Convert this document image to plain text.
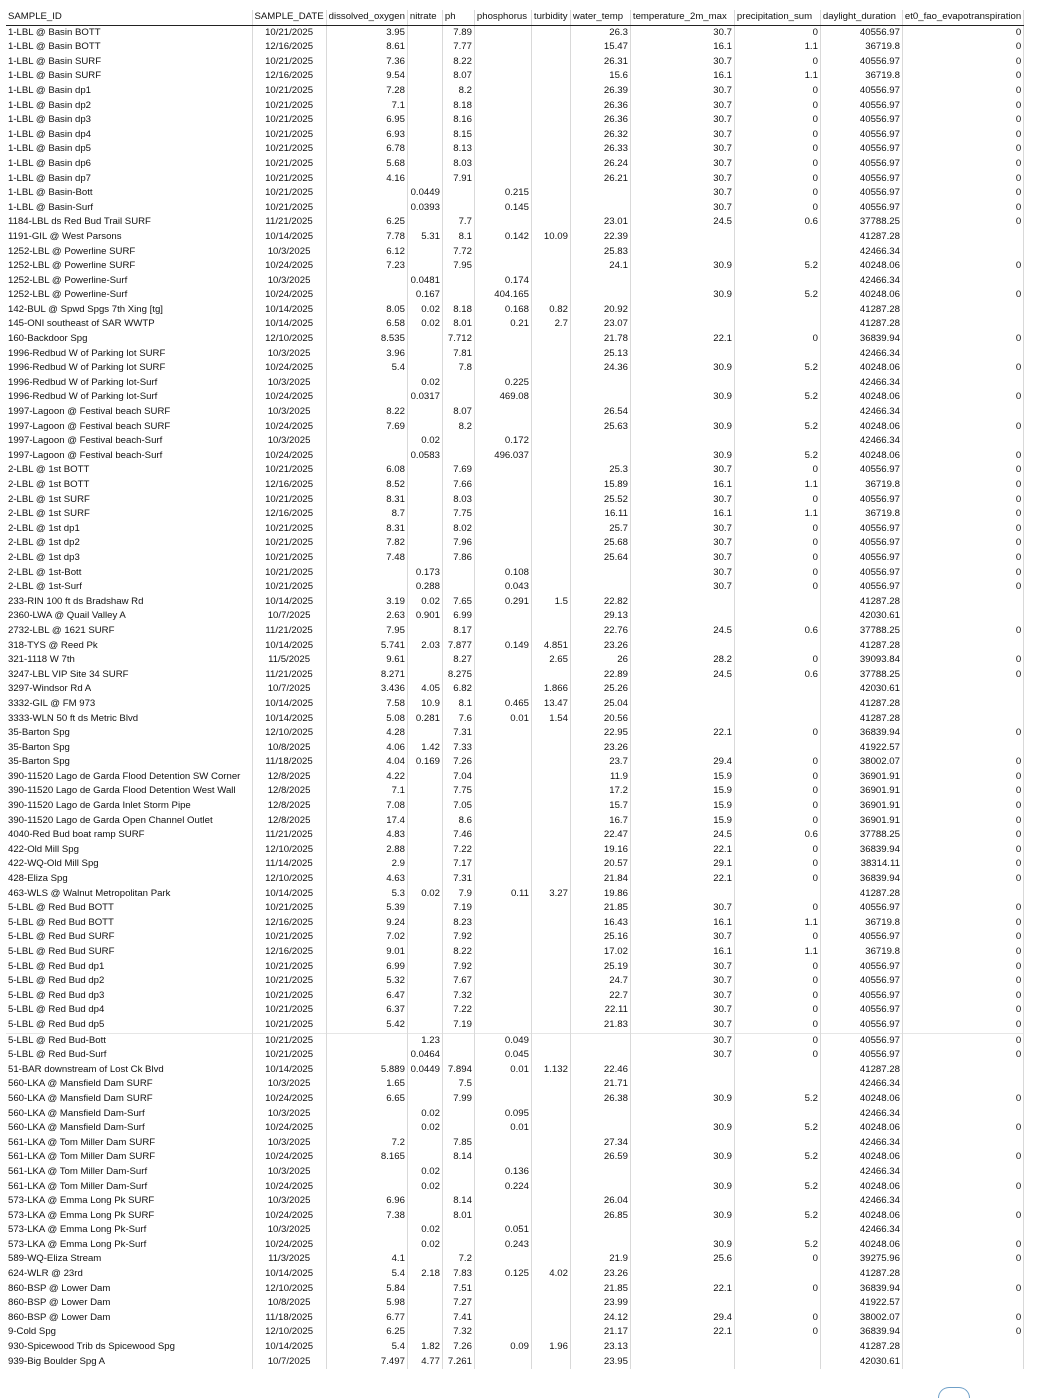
SAMPLE_ID	SAMPLE_DATE	dissolved_oxygen	nitrate	ph	phosphorus	turbidity	water_temp	temperature_2m_max	precipitation_sum	daylight_duration	et0_fao_evapotranspiration
1-LBL @ Basin BOTT	10/21/2025	3.95		7.89			26.3	30.7	0	40556.97	0
1-LBL @ Basin BOTT	12/16/2025	8.61		7.77			15.47	16.1	1.1	36719.8	0
1-LBL @ Basin SURF	10/21/2025	7.36		8.22			26.31	30.7	0	40556.97	0
1-LBL @ Basin SURF	12/16/2025	9.54		8.07			15.6	16.1	1.1	36719.8	0
1-LBL @ Basin dp1	10/21/2025	7.28		8.2			26.39	30.7	0	40556.97	0
1-LBL @ Basin dp2	10/21/2025	7.1		8.18			26.36	30.7	0	40556.97	0
1-LBL @ Basin dp3	10/21/2025	6.95		8.16			26.36	30.7	0	40556.97	0
1-LBL @ Basin dp4	10/21/2025	6.93		8.15			26.32	30.7	0	40556.97	0
1-LBL @ Basin dp5	10/21/2025	6.78		8.13			26.33	30.7	0	40556.97	0
1-LBL @ Basin dp6	10/21/2025	5.68		8.03			26.24	30.7	0	40556.97	0
1-LBL @ Basin dp7	10/21/2025	4.16		7.91			26.21	30.7	0	40556.97	0
1-LBL @ Basin-Bott	10/21/2025		0.0449		0.215			30.7	0	40556.97	0
1-LBL @ Basin-Surf	10/21/2025		0.0393		0.145			30.7	0	40556.97	0
1184-LBL ds Red Bud Trail SURF	11/21/2025	6.25		7.7			23.01	24.5	0.6	37788.25	0
1191-GIL @ West Parsons	10/14/2025	7.78	5.31	8.1	0.142	10.09	22.39			41287.28	
1252-LBL @ Powerline SURF	10/3/2025	6.12		7.72			25.83			42466.34	
1252-LBL @ Powerline SURF	10/24/2025	7.23		7.95			24.1	30.9	5.2	40248.06	0
1252-LBL @ Powerline-Surf	10/3/2025		0.0481		0.174					42466.34	
1252-LBL @ Powerline-Surf	10/24/2025		0.167		404.165			30.9	5.2	40248.06	0
142-BUL @ Spwd Spgs 7th Xing [tg]	10/14/2025	8.05	0.02	8.18	0.168	0.82	20.92			41287.28	
145-ONI southeast of SAR WWTP	10/14/2025	6.58	0.02	8.01	0.21	2.7	23.07			41287.28	
160-Backdoor Spg	12/10/2025	8.535		7.712			21.78	22.1	0	36839.94	0
1996-Redbud W of Parking lot SURF	10/3/2025	3.96		7.81			25.13			42466.34	
1996-Redbud W of Parking lot SURF	10/24/2025	5.4		7.8			24.36	30.9	5.2	40248.06	0
1996-Redbud W of Parking lot-Surf	10/3/2025		0.02		0.225					42466.34	
1996-Redbud W of Parking lot-Surf	10/24/2025		0.0317		469.08			30.9	5.2	40248.06	0
1997-Lagoon @ Festival beach SURF	10/3/2025	8.22		8.07			26.54			42466.34	
1997-Lagoon @ Festival beach SURF	10/24/2025	7.69		8.2			25.63	30.9	5.2	40248.06	0
1997-Lagoon @ Festival beach-Surf	10/3/2025		0.02		0.172					42466.34	
1997-Lagoon @ Festival beach-Surf	10/24/2025		0.0583		496.037			30.9	5.2	40248.06	0
2-LBL @ 1st BOTT	10/21/2025	6.08		7.69			25.3	30.7	0	40556.97	0
2-LBL @ 1st BOTT	12/16/2025	8.52		7.66			15.89	16.1	1.1	36719.8	0
2-LBL @ 1st SURF	10/21/2025	8.31		8.03			25.52	30.7	0	40556.97	0
2-LBL @ 1st SURF	12/16/2025	8.7		7.75			16.11	16.1	1.1	36719.8	0
2-LBL @ 1st dp1	10/21/2025	8.31		8.02			25.7	30.7	0	40556.97	0
2-LBL @ 1st dp2	10/21/2025	7.82		7.96			25.68	30.7	0	40556.97	0
2-LBL @ 1st dp3	10/21/2025	7.48		7.86			25.64	30.7	0	40556.97	0
2-LBL @ 1st-Bott	10/21/2025		0.173		0.108			30.7	0	40556.97	0
2-LBL @ 1st-Surf	10/21/2025		0.288		0.043			30.7	0	40556.97	0
233-RIN 100 ft ds Bradshaw Rd	10/14/2025	3.19	0.02	7.65	0.291	1.5	22.82			41287.28	
2360-LWA @ Quail Valley A	10/7/2025	2.63	0.901	6.99			29.13			42030.61	
2732-LBL @ 1621 SURF	11/21/2025	7.95		8.17			22.76	24.5	0.6	37788.25	0
318-TYS @ Reed Pk	10/14/2025	5.741	2.03	7.877	0.149	4.851	23.26			41287.28	
321-1118 W 7th	11/5/2025	9.61		8.27		2.65	26	28.2	0	39093.84	0
3247-LBL VIP Site 34 SURF	11/21/2025	8.271		8.275			22.89	24.5	0.6	37788.25	0
3297-Windsor Rd A	10/7/2025	3.436	4.05	6.82		1.866	25.26			42030.61	
3332-GIL @ FM 973	10/14/2025	7.58	10.9	8.1	0.465	13.47	25.04			41287.28	
3333-WLN 50 ft ds Metric Blvd	10/14/2025	5.08	0.281	7.6	0.01	1.54	20.56			41287.28	
35-Barton Spg	12/10/2025	4.28		7.31			22.95	22.1	0	36839.94	0
35-Barton Spg	10/8/2025	4.06	1.42	7.33			23.26			41922.57	
35-Barton Spg	11/18/2025	4.04	0.169	7.26			23.7	29.4	0	38002.07	0
390-11520 Lago de Garda Flood Detention SW Corner	12/8/2025	4.22		7.04			11.9	15.9	0	36901.91	0
390-11520 Lago de Garda Flood Detention West Wall	12/8/2025	7.1		7.75			17.2	15.9	0	36901.91	0
390-11520 Lago de Garda Inlet Storm Pipe	12/8/2025	7.08		7.05			15.7	15.9	0	36901.91	0
390-11520 Lago de Garda Open Channel Outlet	12/8/2025	17.4		8.6			16.7	15.9	0	36901.91	0
4040-Red Bud boat ramp SURF	11/21/2025	4.83		7.46			22.47	24.5	0.6	37788.25	0
422-Old Mill Spg	12/10/2025	2.88		7.22			19.16	22.1	0	36839.94	0
422-WQ-Old Mill Spg	11/14/2025	2.9		7.17			20.57	29.1	0	38314.11	0
428-Eliza Spg	12/10/2025	4.63		7.31			21.84	22.1	0	36839.94	0
463-WLS @ Walnut Metropolitan Park	10/14/2025	5.3	0.02	7.9	0.11	3.27	19.86			41287.28	
5-LBL @ Red Bud BOTT	10/21/2025	5.39		7.19			21.85	30.7	0	40556.97	0
5-LBL @ Red Bud BOTT	12/16/2025	9.24		8.23			16.43	16.1	1.1	36719.8	0
5-LBL @ Red Bud SURF	10/21/2025	7.02		7.92			25.16	30.7	0	40556.97	0
5-LBL @ Red Bud SURF	12/16/2025	9.01		8.22			17.02	16.1	1.1	36719.8	0
5-LBL @ Red Bud dp1	10/21/2025	6.99		7.92			25.19	30.7	0	40556.97	0
5-LBL @ Red Bud dp2	10/21/2025	5.32		7.67			24.7	30.7	0	40556.97	0
5-LBL @ Red Bud dp3	10/21/2025	6.47		7.32			22.7	30.7	0	40556.97	0
5-LBL @ Red Bud dp4	10/21/2025	6.37		7.22			22.11	30.7	0	40556.97	0
5-LBL @ Red Bud dp5	10/21/2025	5.42		7.19			21.83	30.7	0	40556.97	0
5-LBL @ Red Bud-Bott	10/21/2025		1.23		0.049			30.7	0	40556.97	0
5-LBL @ Red Bud-Surf	10/21/2025		0.0464		0.045			30.7	0	40556.97	0
51-BAR downstream of Lost Ck Blvd	10/14/2025	5.889	0.0449	7.894	0.01	1.132	22.46			41287.28	
560-LKA @ Mansfield Dam SURF	10/3/2025	1.65		7.5			21.71			42466.34	
560-LKA @ Mansfield Dam SURF	10/24/2025	6.65		7.99			26.38	30.9	5.2	40248.06	0
560-LKA @ Mansfield Dam-Surf	10/3/2025		0.02		0.095					42466.34	
560-LKA @ Mansfield Dam-Surf	10/24/2025		0.02		0.01			30.9	5.2	40248.06	0
561-LKA @ Tom Miller Dam SURF	10/3/2025	7.2		7.85			27.34			42466.34	
561-LKA @ Tom Miller Dam SURF	10/24/2025	8.165		8.14			26.59	30.9	5.2	40248.06	0
561-LKA @ Tom Miller Dam-Surf	10/3/2025		0.02		0.136					42466.34	
561-LKA @ Tom Miller Dam-Surf	10/24/2025		0.02		0.224			30.9	5.2	40248.06	0
573-LKA @ Emma Long Pk SURF	10/3/2025	6.96		8.14			26.04			42466.34	
573-LKA @ Emma Long Pk SURF	10/24/2025	7.38		8.01			26.85	30.9	5.2	40248.06	0
573-LKA @ Emma Long Pk-Surf	10/3/2025		0.02		0.051					42466.34	
573-LKA @ Emma Long Pk-Surf	10/24/2025		0.02		0.243			30.9	5.2	40248.06	0
589-WQ-Eliza Stream	11/3/2025	4.1		7.2			21.9	25.6	0	39275.96	0
624-WLR @ 23rd	10/14/2025	5.4	2.18	7.83	0.125	4.02	23.26			41287.28	
860-BSP @ Lower Dam	12/10/2025	5.84		7.51			21.85	22.1	0	36839.94	0
860-BSP @ Lower Dam	10/8/2025	5.98		7.27			23.99			41922.57	
860-BSP @ Lower Dam	11/18/2025	6.77		7.41			24.12	29.4	0	38002.07	0
9-Cold Spg	12/10/2025	6.25		7.32			21.17	22.1	0	36839.94	0
930-Spicewood Trib ds Spicewood Spg	10/14/2025	5.4	1.82	7.26	0.09	1.96	23.13			41287.28	
939-Big Boulder Spg A	10/7/2025	7.497	4.77	7.261			23.95			42030.61	
